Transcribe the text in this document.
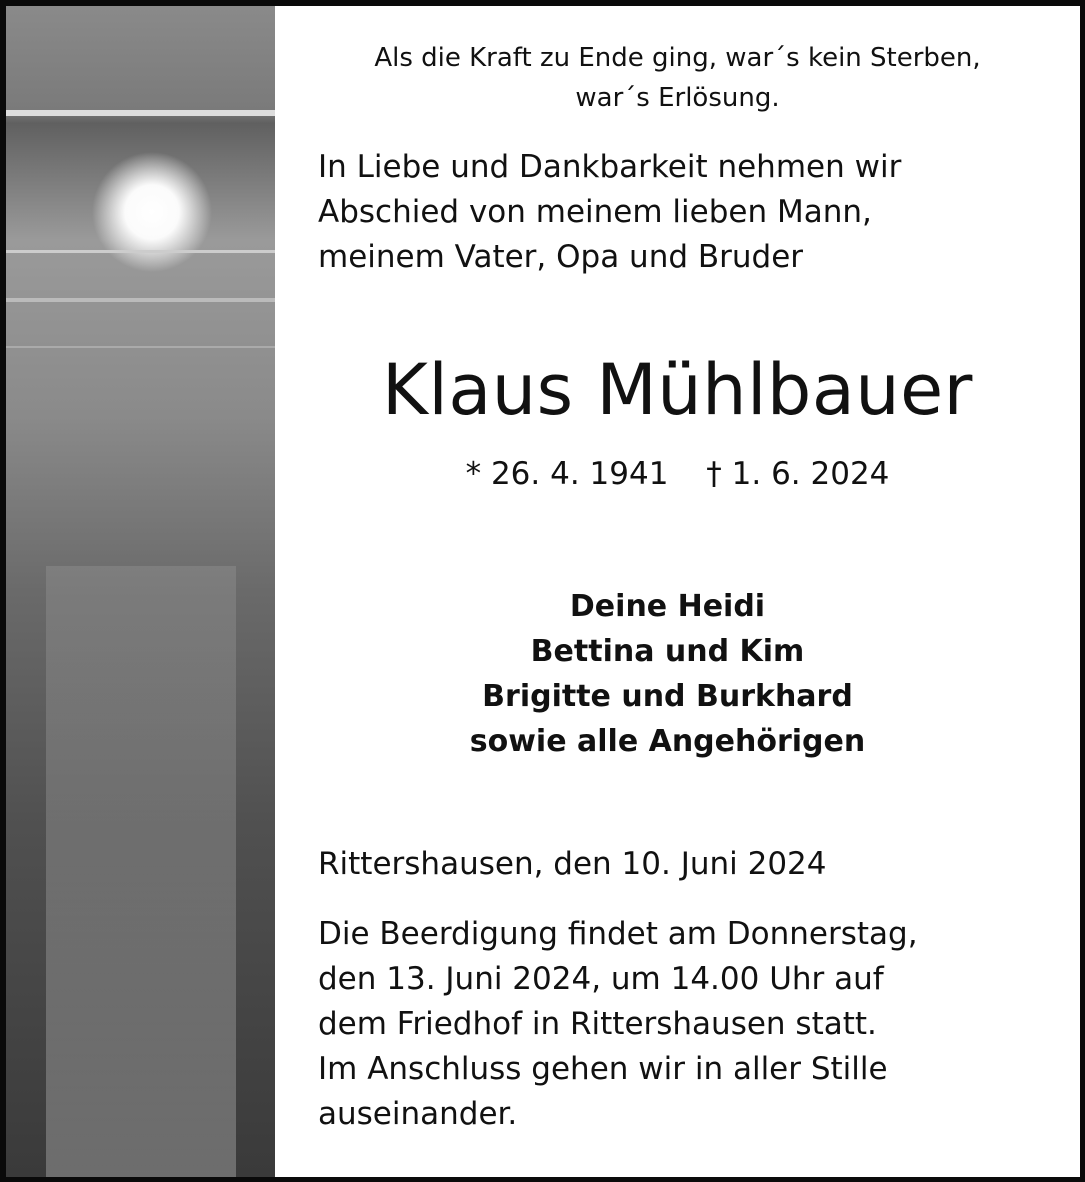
Als die Kraft zu Ende ging, war´s kein Sterben,
war´s Erlösung.
In Liebe und Dankbarkeit nehmen wir
Abschied von meinem lieben Mann,
meinem Vater, Opa und Bruder
Klaus Mühlbauer
* 26. 4. 1941 † 1. 6. 2024
Deine Heidi
Bettina und Kim
Brigitte und Burkhard
sowie alle Angehörigen
Rittershausen, den 10. Juni 2024
Die Beerdigung findet am Donnerstag,
den 13. Juni 2024, um 14.00 Uhr auf
dem Friedhof in Rittershausen statt.
Im Anschluss gehen wir in aller Stille
auseinander.
